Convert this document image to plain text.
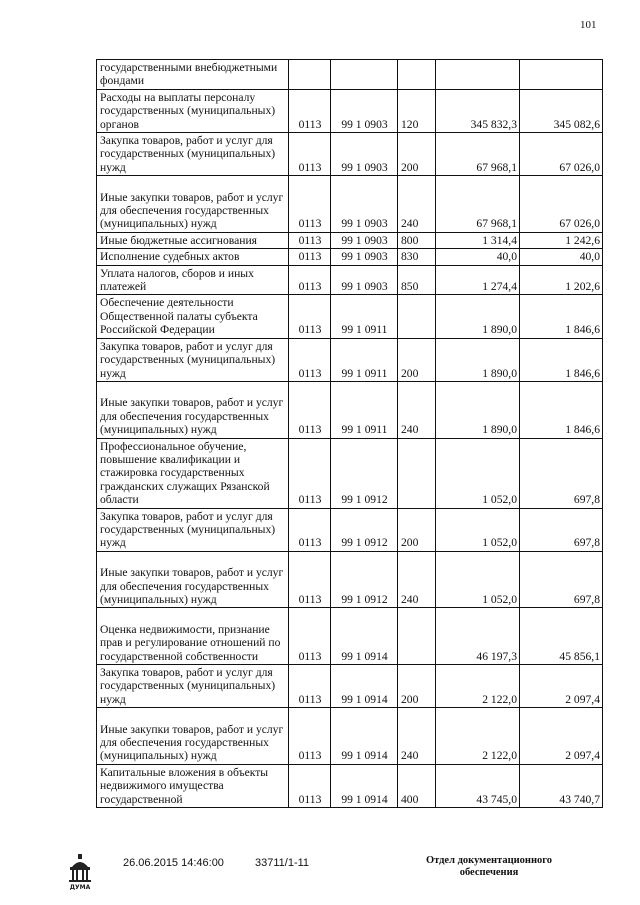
101
государственными внебюджетными фондами					
Расходы на выплаты персоналу государственных (муниципальных) органов	0113	99 1 0903	120	345 832,3	345 082,6
Закупка товаров, работ и услуг для государственных (муниципальных) нужд	0113	99 1 0903	200	67 968,1	67 026,0
Иные закупки товаров, работ и услуг для обеспечения государственных (муниципальных) нужд	0113	99 1 0903	240	67 968,1	67 026,0
Иные бюджетные ассигнования	0113	99 1 0903	800	1 314,4	1 242,6
Исполнение судебных актов	0113	99 1 0903	830	40,0	40,0
Уплата налогов, сборов и иных платежей	0113	99 1 0903	850	1 274,4	1 202,6
Обеспечение деятельности Общественной палаты субъекта Российской Федерации	0113	99 1 0911		1 890,0	1 846,6
Закупка товаров, работ и услуг для государственных (муниципальных) нужд	0113	99 1 0911	200	1 890,0	1 846,6
Иные закупки товаров, работ и услуг для обеспечения государственных (муниципальных) нужд	0113	99 1 0911	240	1 890,0	1 846,6
Профессиональное обучение, повышение квалификации и стажировка государственных гражданских служащих Рязанской области	0113	99 1 0912		1 052,0	697,8
Закупка товаров, работ и услуг для государственных (муниципальных) нужд	0113	99 1 0912	200	1 052,0	697,8
Иные закупки товаров, работ и услуг для обеспечения государственных (муниципальных) нужд	0113	99 1 0912	240	1 052,0	697,8
Оценка недвижимости, признание прав и регулирование отношений по государственной собственности	0113	99 1 0914		46 197,3	45 856,1
Закупка товаров, работ и услуг для государственных (муниципальных) нужд	0113	99 1 0914	200	2 122,0	2 097,4
Иные закупки товаров, работ и услуг для обеспечения государственных (муниципальных) нужд	0113	99 1 0914	240	2 122,0	2 097,4
Капитальные вложения в объекты недвижимого имущества государственной	0113	99 1 0914	400	43 745,0	43 740,7
ДУМА
26.06.2015 14:46:00	33711/1-11	Отдел документационного обеспечения
